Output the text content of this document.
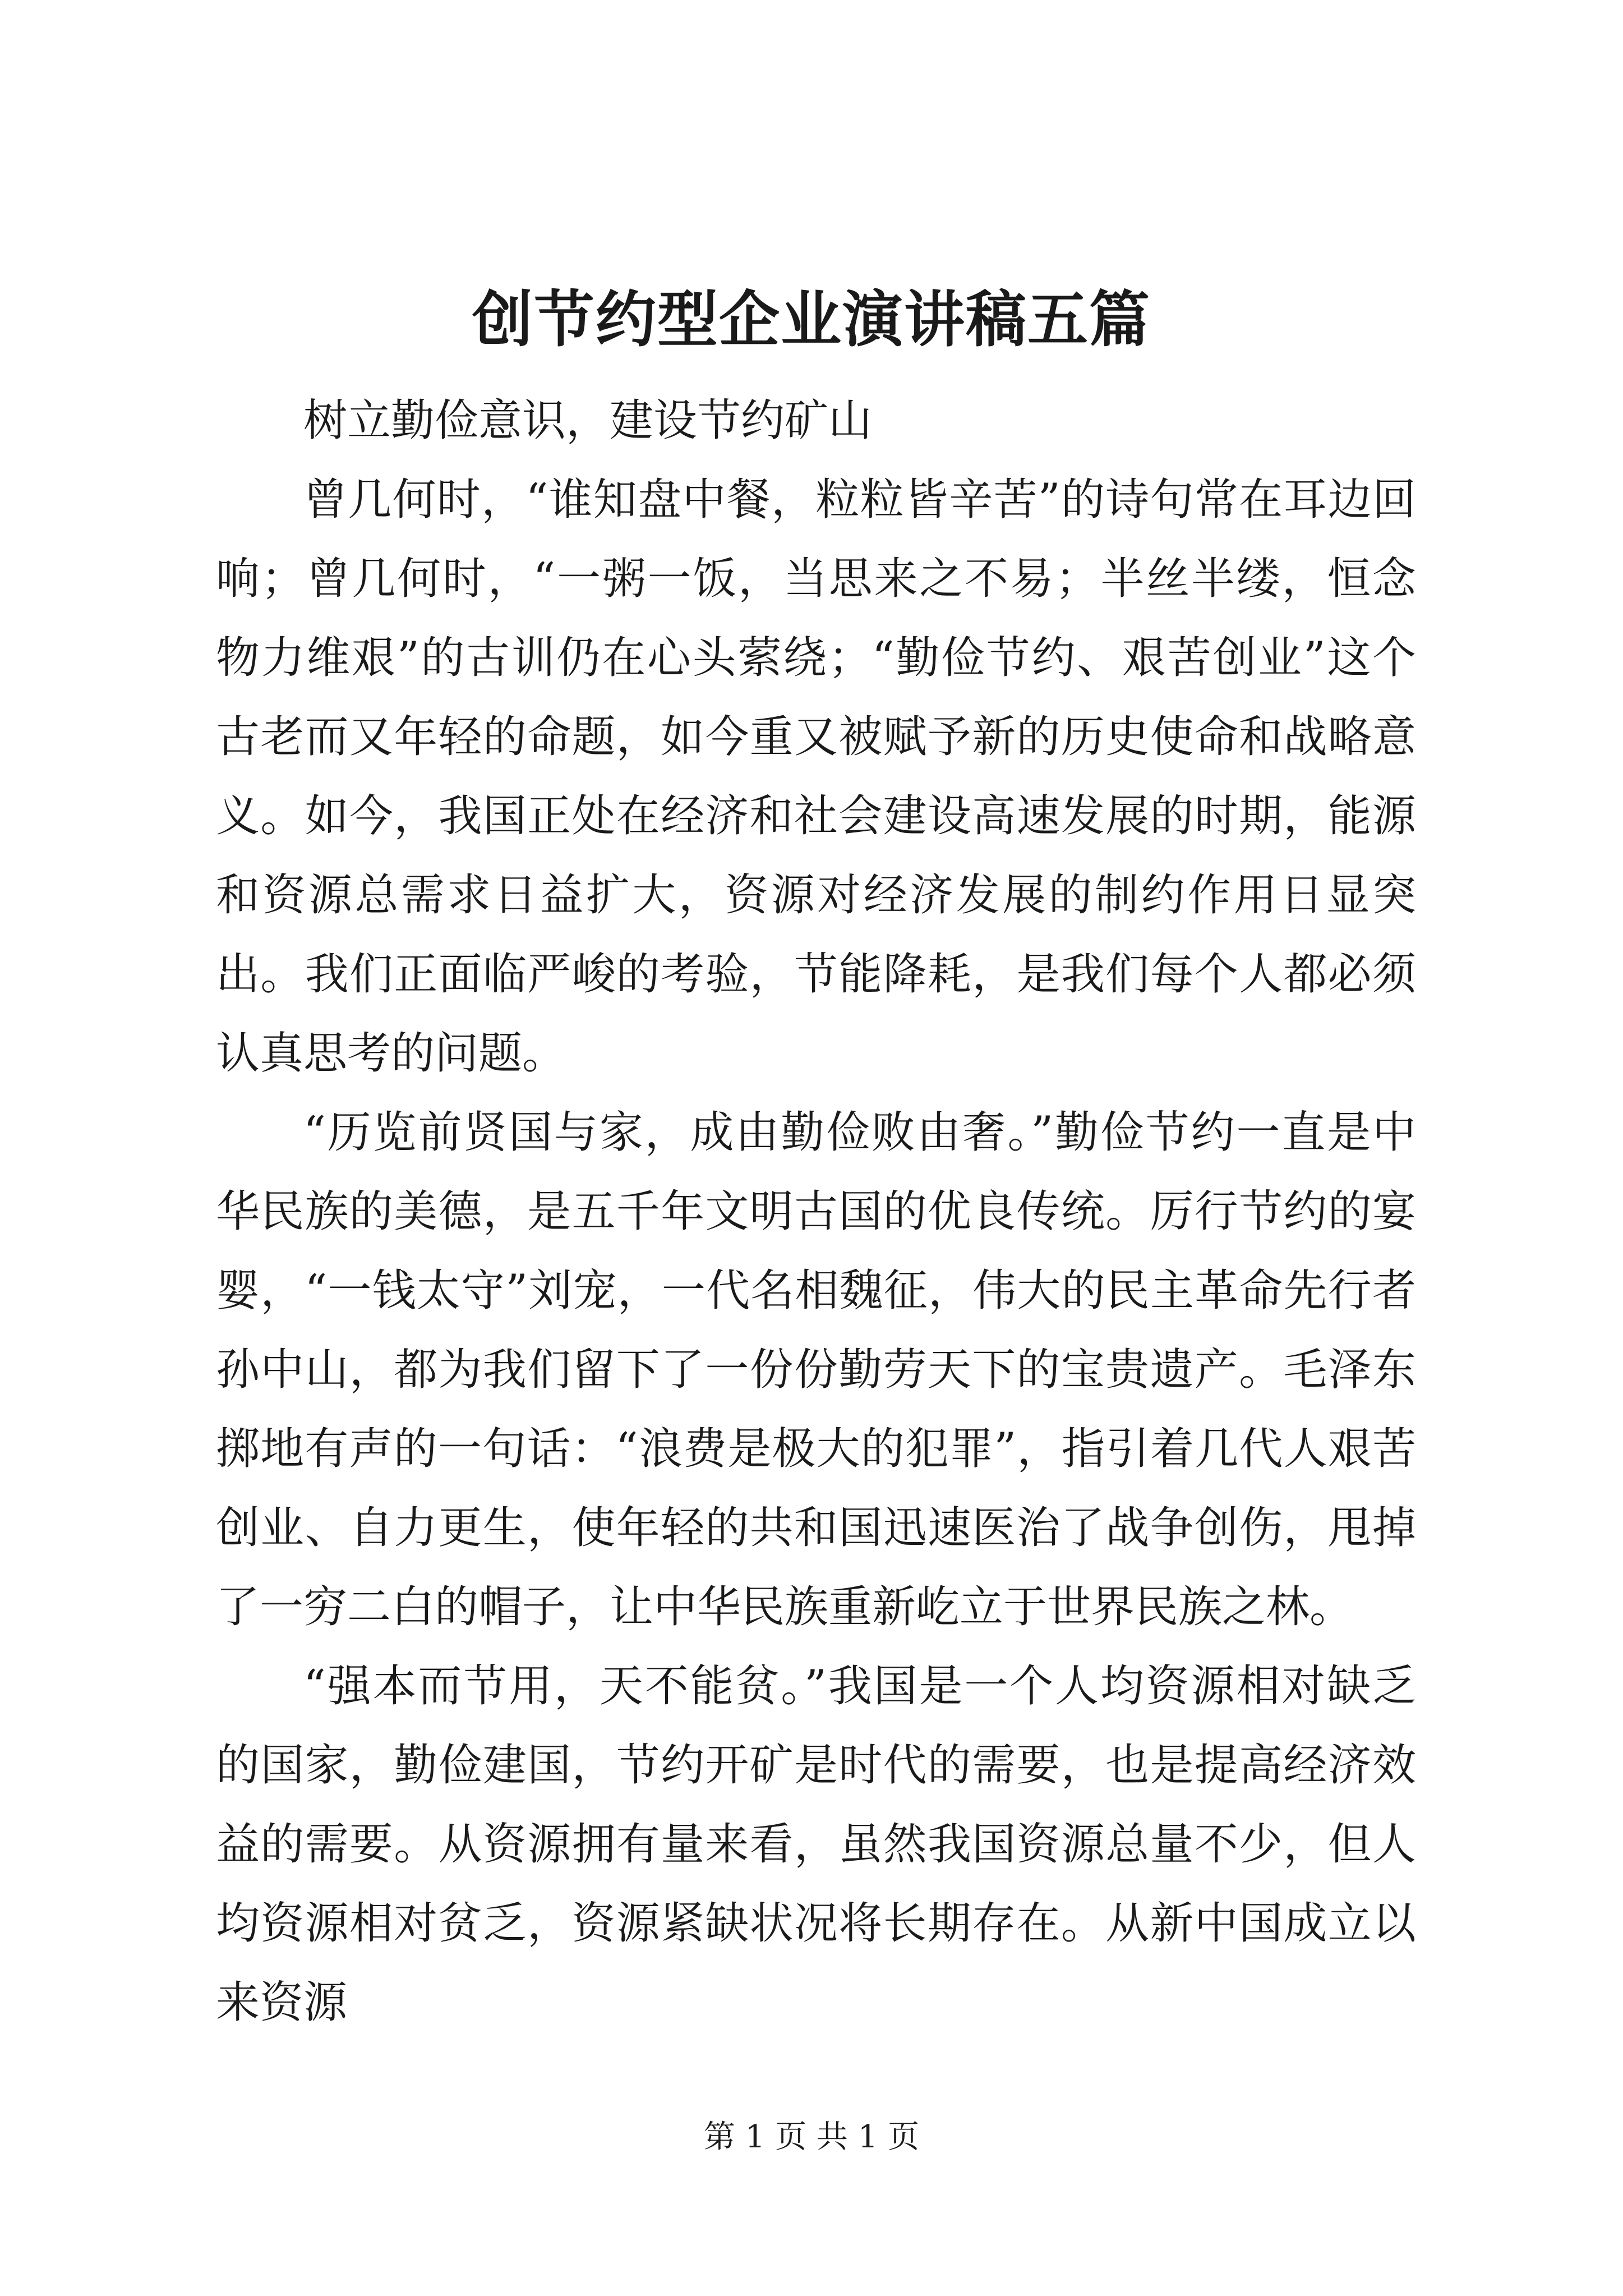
创节约型企业演讲稿五篇

树立勤俭意识，建设节约矿山

曾几何时，“谁知盘中餐，粒粒皆辛苦”的诗句常在耳边回响；曾几何时，“一粥一饭，当思来之不易；半丝半缕，恒念物力维艰”的古训仍在心头萦绕；“勤俭节约、艰苦创业”这个古老而又年轻的命题，如今重又被赋予新的历史使命和战略意义。如今，我国正处在经济和社会建设高速发展的时期，能源和资源总需求日益扩大，资源对经济发展的制约作用日显突出。我们正面临严峻的考验，节能降耗，是我们每个人都必须认真思考的问题。

“历览前贤国与家，成由勤俭败由奢。”勤俭节约一直是中华民族的美德，是五千年文明古国的优良传统。厉行节约的宴婴，“一钱太守”刘宠，一代名相魏征，伟大的民主革命先行者孙中山，都为我们留下了一份份勤劳天下的宝贵遗产。毛泽东掷地有声的一句话：“浪费是极大的犯罪”，指引着几代人艰苦创业、自力更生，使年轻的共和国迅速医治了战争创伤，甩掉了一穷二白的帽子，让中华民族重新屹立于世界民族之林。

“强本而节用，天不能贫。”我国是一个人均资源相对缺乏的国家，勤俭建国，节约开矿是时代的需要，也是提高经济效益的需要。从资源拥有量来看，虽然我国资源总量不少，但人均资源相对贫乏，资源紧缺状况将长期存在。从新中国成立以来资源

第 1 页 共 1 页
